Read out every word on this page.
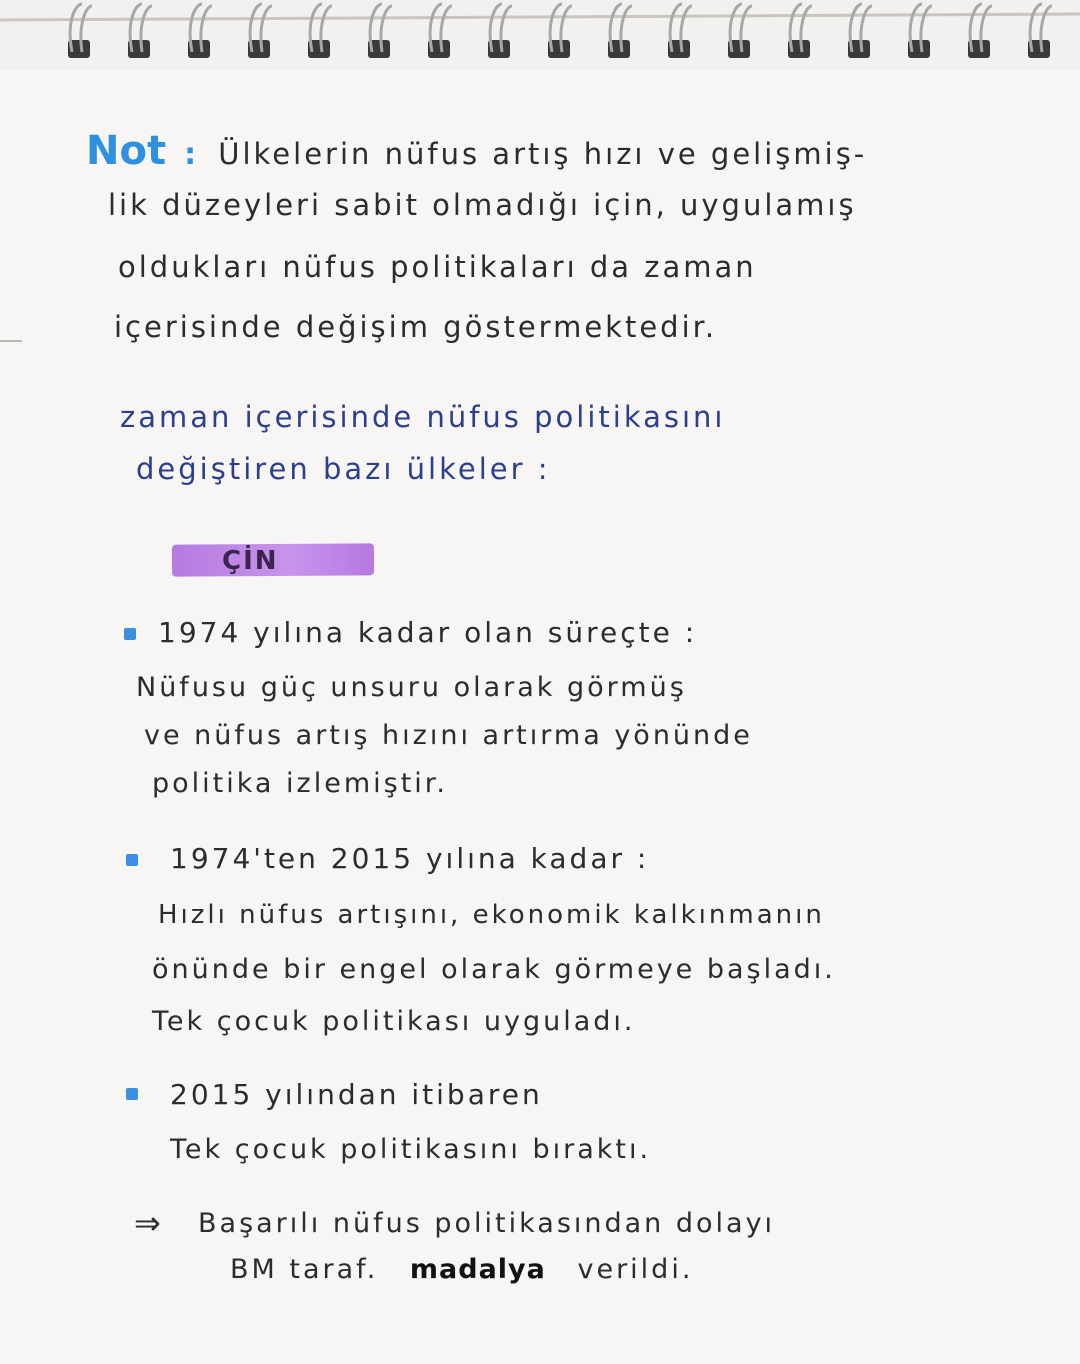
Not : Ülkelerin nüfus artış hızı ve gelişmiş-
lik düzeyleri sabit olmadığı için, uygulamış
oldukları nüfus politikaları da zaman
içerisinde değişim göstermektedir.
zaman içerisinde nüfus politikasını
değiştiren bazı ülkeler :
ÇİN
1974 yılına kadar olan süreçte :
Nüfusu güç unsuru olarak görmüş
ve nüfus artış hızını artırma yönünde
politika izlemiştir.
1974'ten 2015 yılına kadar :
Hızlı nüfus artışını, ekonomik kalkınmanın
önünde bir engel olarak görmeye başladı.
Tek çocuk politikası uyguladı.
2015 yılından itibaren
Tek çocuk politikasını bıraktı.
⇒ Başarılı nüfus politikasından dolayı
BM taraf. madalya verildi.
